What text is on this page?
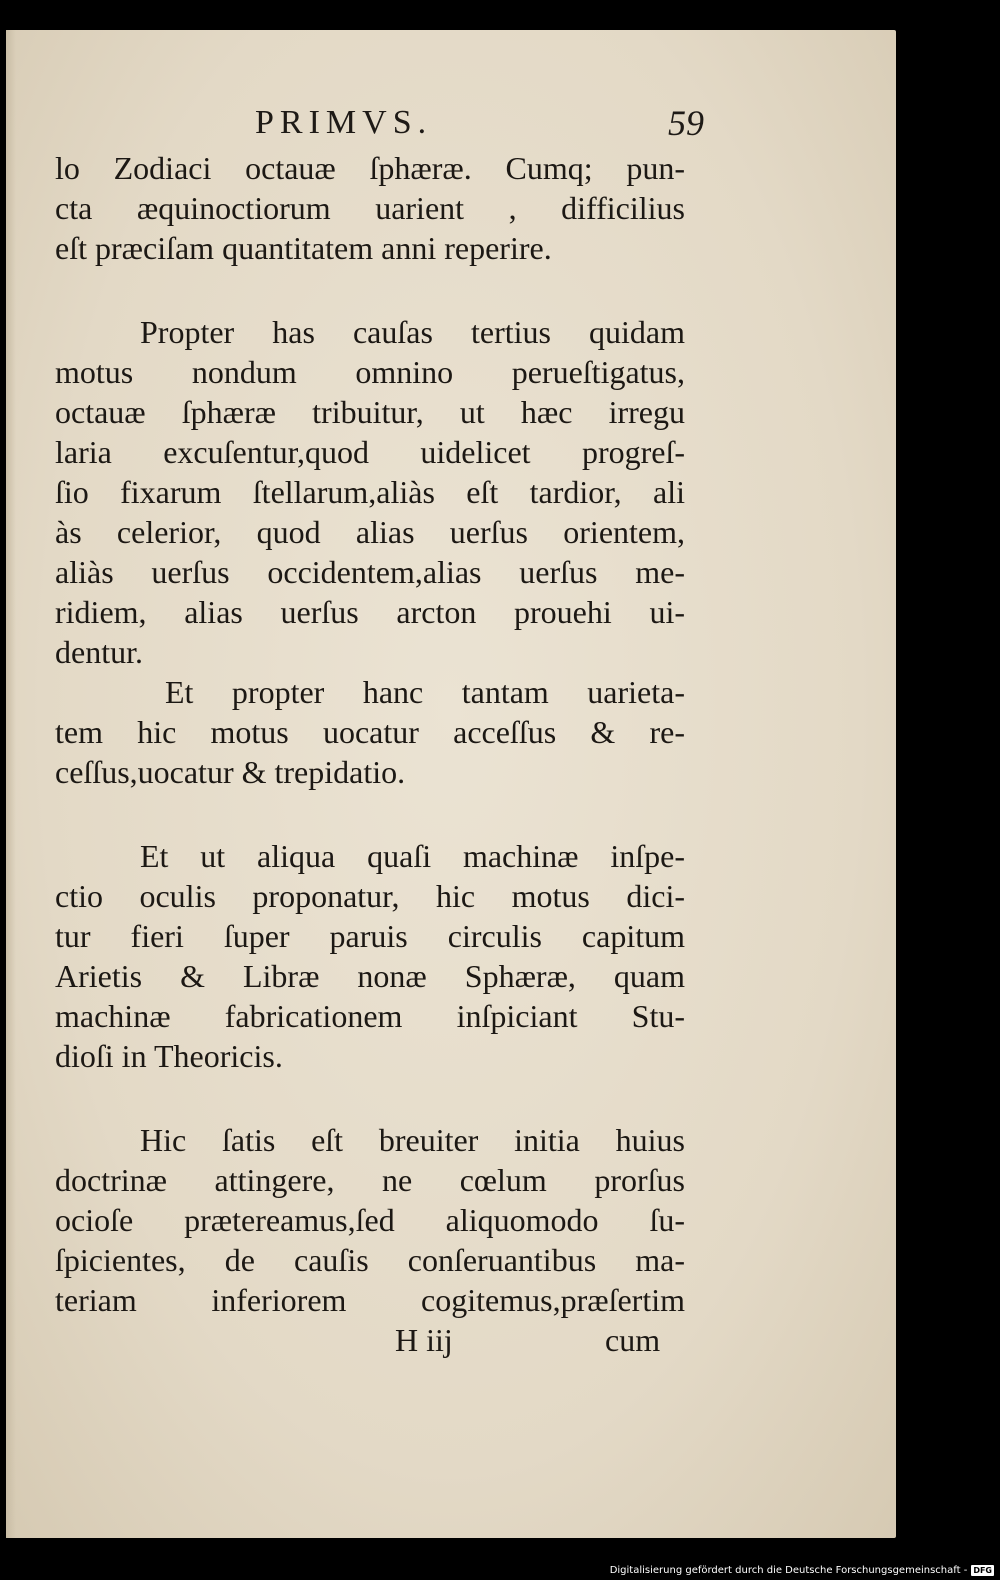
PRIMVS.	59
lo Zodiaci octauæ ſphæræ. Cumq; pun-
cta æquinoctiorum uarient , difficilius
eſt præciſam quantitatem anni reperire.
Propter has cauſas tertius quidam
motus nondum omnino perueſtigatus,
octauæ ſphæræ tribuitur, ut hæc irregu
laria excuſentur,quod uidelicet progreſ-
ſio fixarum ſtellarum,aliàs eſt tardior, ali
às celerior, quod alias uerſus orientem,
aliàs uerſus occidentem,alias uerſus me-
ridiem, alias uerſus arcton prouehi ui-
dentur.
Et propter hanc tantam uarieta-
tem hic motus uocatur acceſſus & re-
ceſſus,uocatur & trepidatio.
Et ut aliqua quaſi machinæ inſpe-
ctio oculis proponatur, hic motus dici-
tur fieri ſuper paruis circulis capitum
Arietis & Libræ nonæ Sphæræ, quam
machinæ fabricationem inſpiciant Stu-
dioſi in Theoricis.
Hic ſatis eſt breuiter initia huius
doctrinæ attingere, ne cœlum prorſus
ocioſe prætereamus,ſed aliquomodo ſu-
ſpicientes, de cauſis conſeruantibus ma-
teriam inferiorem cogitemus,præſertim
H iij	cum
Digitalisierung gefördert durch die Deutsche Forschungsgemeinschaft - DFG
